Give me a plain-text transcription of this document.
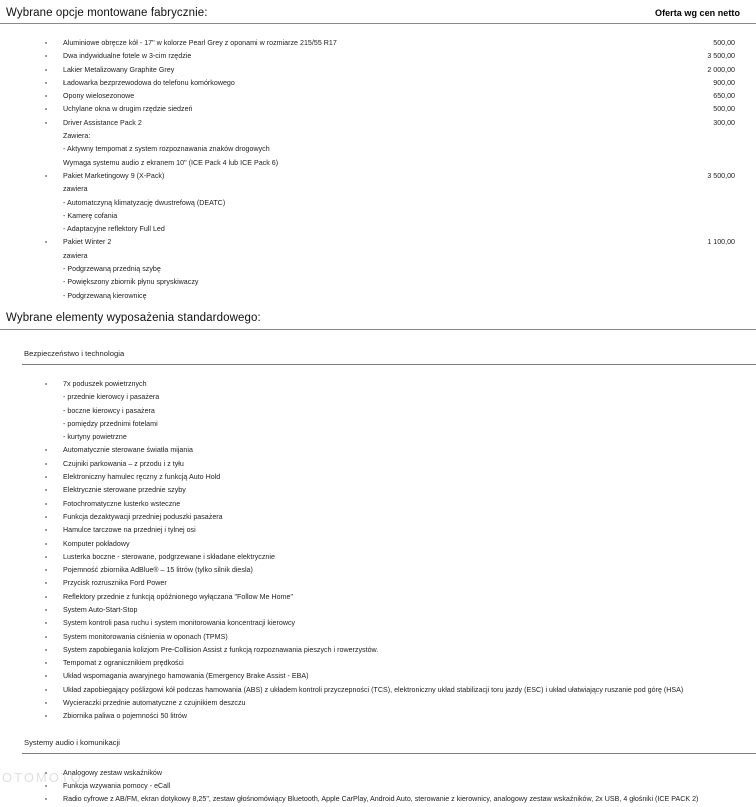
Wybrane opcje montowane fabrycznie:	Oferta wg cen netto
Aluminiowe obręcze kół - 17" w kolorze Pearl Grey z oponami w rozmiarze 215/55 R17	500,00
Dwa indywidualne fotele w 3-cim rzędzie	3 500,00
Lakier Metalizowany Graphite Grey	2 000,00
Ładowarka bezprzewodowa do telefonu komórkowego	900,00
Opony wielosezonowe	650,00
Uchylane okna w drugim rzędzie siedzeń	500,00
Driver Assistance Pack 2	300,00
Zawiera:
- Aktywny tempomat z system rozpoznawania znaków drogowych
Wymaga systemu audio z ekranem 10" (ICE Pack 4 lub ICE Pack 6)
Pakiet Marketingowy 9 (X-Pack)	3 500,00
zawiera
- Automatczyną klimatyzację dwustrefową (DEATC)
- Kamerę cofania
- Adaptacyjne reflektory Full Led
Pakiet Winter 2	1 100,00
zawiera
- Podgrzewaną przednią szybę
- Powiększony zbiornik płynu spryskiwaczy
- Podgrzewaną kierownicę
Wybrane elementy wyposażenia standardowego:
Bezpieczeństwo i technologia
7x poduszek powietrznych
- przednie kierowcy i pasażera
- boczne kierowcy i pasażera
- pomiędzy przednimi fotelami
- kurtyny powietrzne
Automatycznie sterowane światła mijania
Czujniki parkowania – z przodu i z tyłu
Elektroniczny hamulec ręczny z funkcją Auto Hold
Elektrycznie sterowane przednie szyby
Fotochromatyczne lusterko wsteczne
Funkcja dezaktywacji przedniej poduszki pasażera
Hamulce tarczowe na przedniej i tylnej osi
Komputer pokładowy
Lusterka boczne - sterowane, podgrzewane i składane elektrycznie
Pojemność zbiornika AdBlue® – 15 litrów (tylko silnik diesla)
Przycisk rozrusznika Ford Power
Reflektory przednie z funkcją opóźnionego wyłączana "Follow Me Home"
System Auto-Start-Stop
System kontroli pasa ruchu i system monitorowania koncentracji kierowcy
System monitorowania ciśnienia w oponach (TPMS)
System zapobiegania kolizjom Pre-Collision Assist z funkcją rozpoznawania pieszych i rowerzystów.
Tempomat z ogranicznikiem prędkości
Układ wspomagania awaryjnego hamowania (Emergency Brake Assist - EBA)
Układ zapobiegający poślizgowi kół podczas hamowania (ABS) z układem kontroli przyczepności (TCS), elektroniczny układ stabilizacji toru jazdy (ESC) i układ ułatwiający ruszanie pod górę (HSA)
Wycieraczki przednie automatyczne z czujnikiem deszczu
Zbiornika paliwa o pojemności 50 litrów
Systemy audio i komunikacji
Analogowy zestaw wskaźników
Funkcja wzywania pomocy - eCall
Radio cyfrowe z AB/FM, ekran dotykowy 8,25", zestaw głośnomówiący Bluetooth, Apple CarPlay, Android Auto, sterowanie z kierownicy, analogowy zestaw wskaźników, 2x USB, 4 głośniki (ICE PACK 2)
OTOMOTO
